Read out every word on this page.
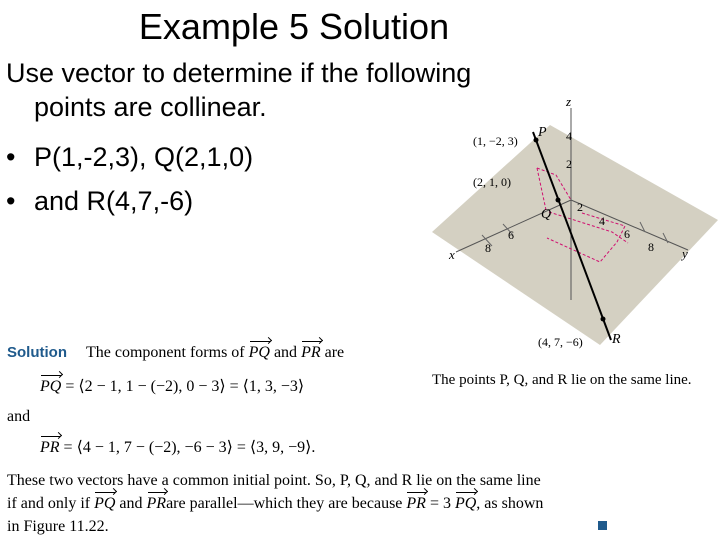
Example 5 Solution
Use vector to determine if the following
points are collinear.
• P(1,-2,3), Q(2,1,0)
• and R(4,7,-6)
z
x	y
P
Q
R
(1, −2, 3)
(2, 1, 0)
(4, 7, −6)
4
2
2
4
6
8
6
8
The points P, Q, and R lie on the same line.
Solution The component forms of PQ and PR are
PQ = ⟨2 − 1, 1 − (−2), 0 − 3⟩ = ⟨1, 3, −3⟩
and
PR = ⟨4 − 1, 7 − (−2), −6 − 3⟩ = ⟨3, 9, −9⟩.
These two vectors have a common initial point. So, P, Q, and R lie on the same line
if and only if PQ and PRare parallel—which they are because PR = 3 PQ, as shown
in Figure 11.22.
